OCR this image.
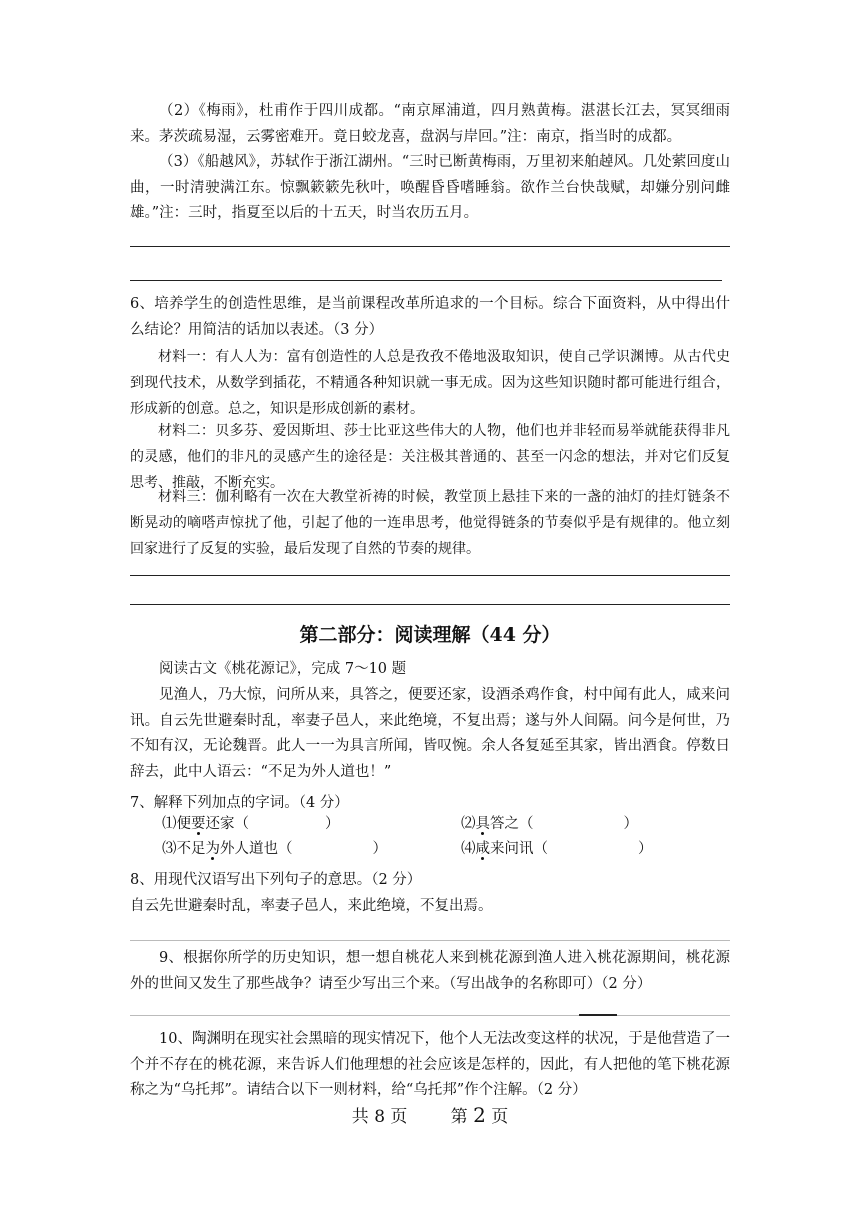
（2）《梅雨》，杜甫作于四川成都。“南京犀浦道，四月熟黄梅。湛湛长江去，冥冥细雨来。茅茨疏易湿，云雾密难开。竟日蛟龙喜，盘涡与岸回。”注：南京，指当时的成都。

（3）《船越风》，苏轼作于浙江湖州。“三时已断黄梅雨，万里初来舶趠风。几处萦回度山曲，一时清驶满江东。惊飘簌簌先秋叶，唤醒昏昏嗜睡翁。欲作兰台快哉赋，却嫌分别问雌雄。”注：三时，指夏至以后的十五天，时当农历五月。

6、培养学生的创造性思维，是当前课程改革所追求的一个目标。综合下面资料，从中得出什么结论？用简洁的话加以表述。（3 分）

材料一：有人人为：富有创造性的人总是孜孜不倦地汲取知识，使自己学识渊博。从古代史到现代技术，从数学到插花，不精通各种知识就一事无成。因为这些知识随时都可能进行组合，形成新的创意。总之，知识是形成创新的素材。

材料二：贝多芬、爱因斯坦、莎士比亚这些伟大的人物，他们也并非轻而易举就能获得非凡的灵感，他们的非凡的灵感产生的途径是：关注极其普通的、甚至一闪念的想法，并对它们反复思考、推敲，不断充实。

材料三：伽利略有一次在大教堂祈祷的时候，教堂顶上悬挂下来的一盏的油灯的挂灯链条不断晃动的嘀嗒声惊扰了他，引起了他的一连串思考，他觉得链条的节奏似乎是有规律的。他立刻回家进行了反复的实验，最后发现了自然的节奏的规律。

第二部分：阅读理解（44 分）

阅读古文《桃花源记》，完成 7～10 题

见渔人，乃大惊，问所从来，具答之，便要还家，设酒杀鸡作食，村中闻有此人，咸来问讯。自云先世避秦时乱，率妻子邑人，来此绝境，不复出焉；遂与外人间隔。问今是何世，乃不知有汉，无论魏晋。此人一一为具言所闻，皆叹惋。余人各复延至其家，皆出酒食。停数日辞去，此中人语云：“不足为外人道也！”

7、解释下列加点的字词。（4 分）

⑴便要还家（	）	⑵具答之（	）
⑶不足为外人道也（	）	⑷咸来问讯（	）

8、用现代汉语写出下列句子的意思。（2 分）

自云先世避秦时乱，率妻子邑人，来此绝境，不复出焉。

9、根据你所学的历史知识，想一想自桃花人来到桃花源到渔人进入桃花源期间，桃花源外的世间又发生了那些战争？请至少写出三个来。（写出战争的名称即可）（2 分）

10、陶渊明在现实社会黑暗的现实情况下，他个人无法改变这样的状况，于是他营造了一个并不存在的桃花源，来告诉人们他理想的社会应该是怎样的，因此，有人把他的笔下桃花源称之为“乌托邦”。请结合以下一则材料，给“乌托邦”作个注解。（2 分）

共 8 页	第 2 页
